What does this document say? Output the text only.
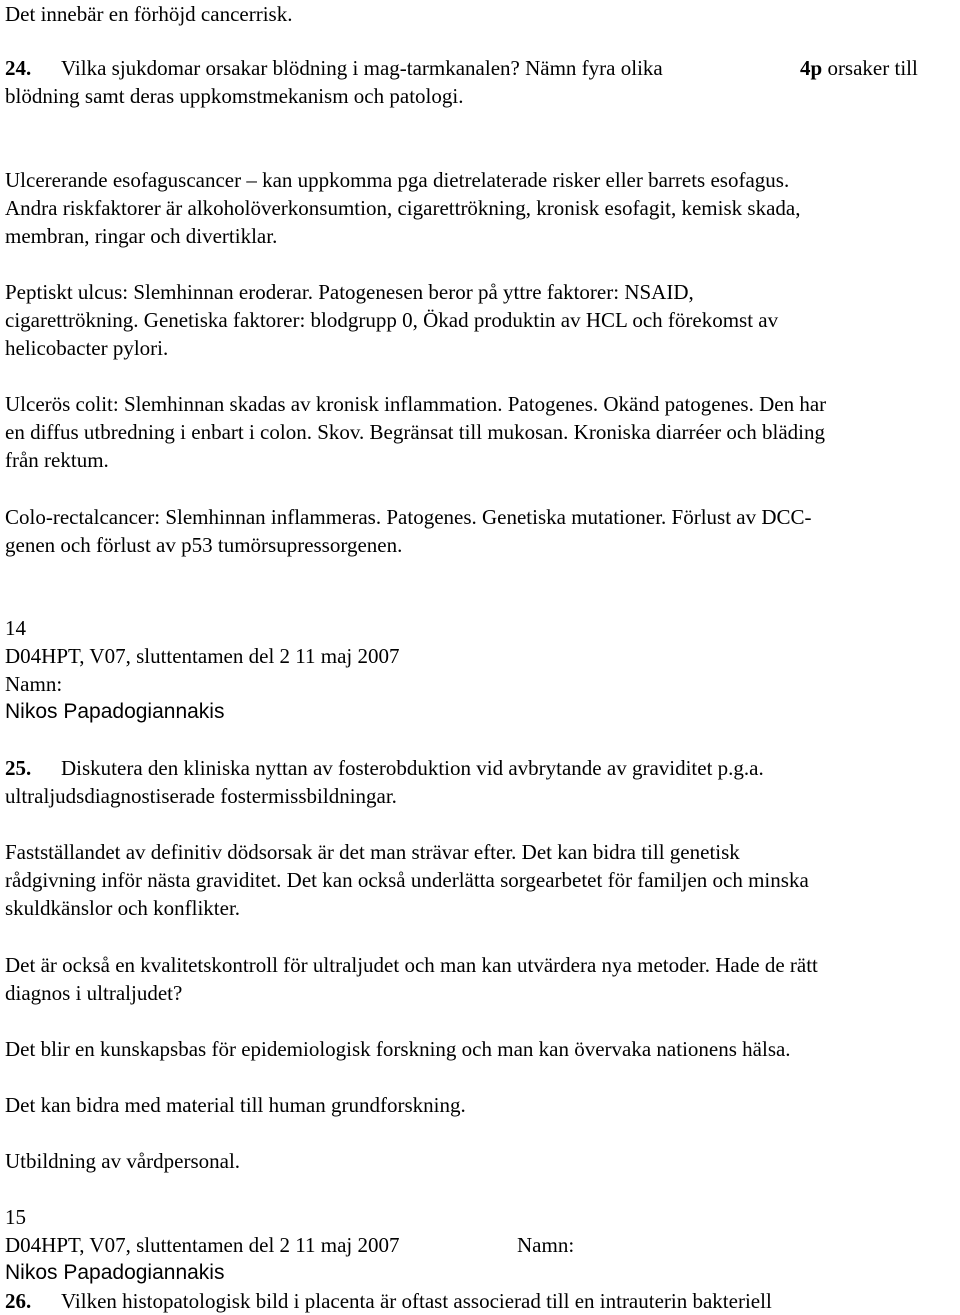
Det innebär en förhöjd cancerrisk.
24. Vilka sjukdomar orsakar blödning i mag-tarmkanalen? Nämn fyra olika	4p orsaker till
blödning samt deras uppkomstmekanism och patologi.
Ulcererande esofaguscancer – kan uppkomma pga dietrelaterade risker eller barrets esofagus.
Andra riskfaktorer är alkoholöverkonsumtion, cigarettrökning, kronisk esofagit, kemisk skada,
membran, ringar och divertiklar.
Peptiskt ulcus: Slemhinnan eroderar. Patogenesen beror på yttre faktorer: NSAID,
cigarettrökning. Genetiska faktorer: blodgrupp 0, Ökad produktin av HCL och förekomst av
helicobacter pylori.
Ulcerös colit: Slemhinnan skadas av kronisk inflammation. Patogenes. Okänd patogenes. Den har
en diffus utbredning i enbart i colon. Skov. Begränsat till mukosan. Kroniska diarréer och bläding
från rektum.
Colo-rectalcancer: Slemhinnan inflammeras. Patogenes. Genetiska mutationer. Förlust av DCC-
genen och förlust av p53 tumörsupressorgenen.
14
D04HPT, V07, sluttentamen del 2 11 maj 2007
Namn:
Nikos Papadogiannakis
25. Diskutera den kliniska nyttan av fosterobduktion vid avbrytande av graviditet p.g.a.
ultraljudsdiagnostiserade fostermissbildningar.
Fastställandet av definitiv dödsorsak är det man strävar efter. Det kan bidra till genetisk
rådgivning inför nästa graviditet. Det kan också underlätta sorgearbetet för familjen och minska
skuldkänslor och konflikter.
Det är också en kvalitetskontroll för ultraljudet och man kan utvärdera nya metoder. Hade de rätt
diagnos i ultraljudet?
Det blir en kunskapsbas för epidemiologisk forskning och man kan övervaka nationens hälsa.
Det kan bidra med material till human grundforskning.
Utbildning av vårdpersonal.
15
D04HPT, V07, sluttentamen del 2 11 maj 2007	Namn:
Nikos Papadogiannakis
26. Vilken histopatologisk bild i placenta är oftast associerad till en intrauterin bakteriell
